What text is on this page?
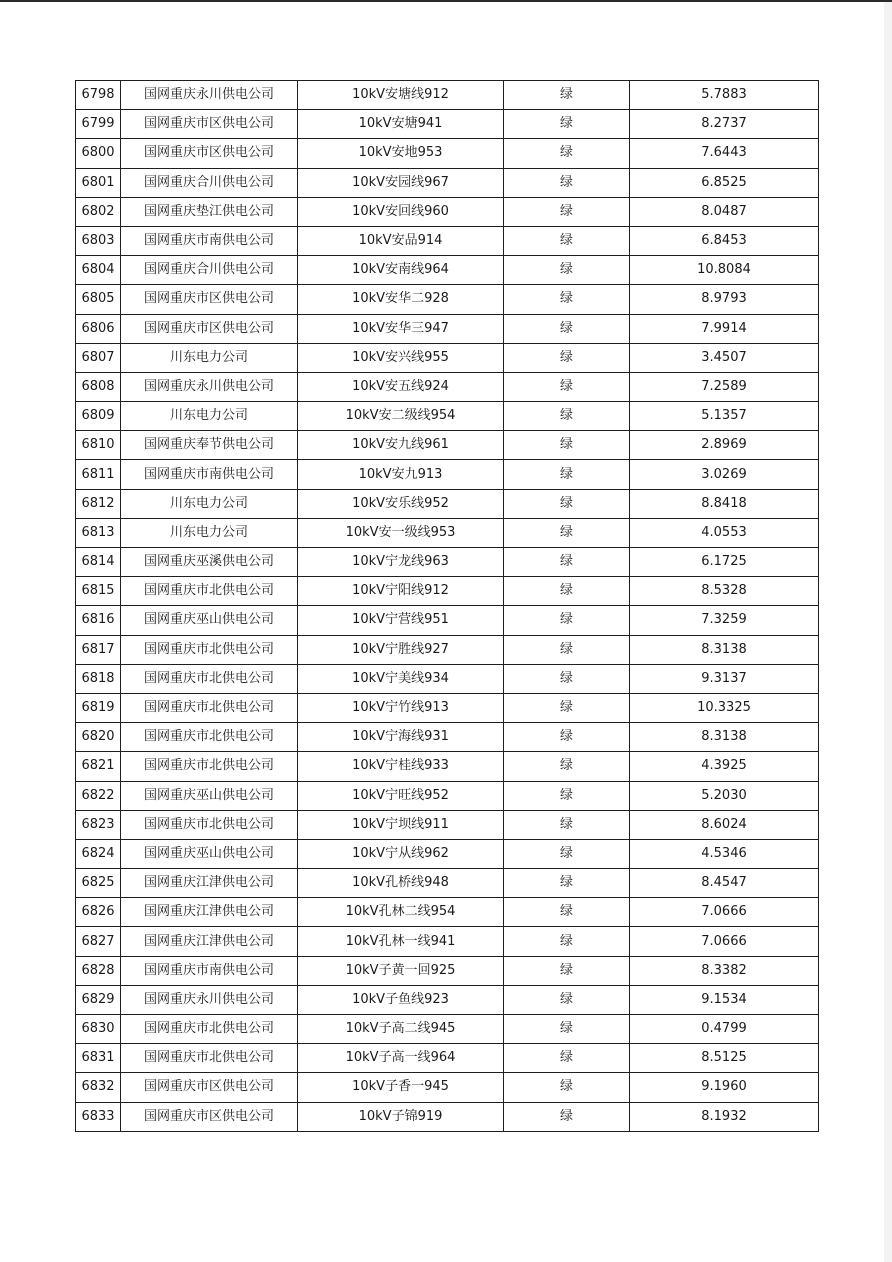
6798	国网重庆永川供电公司	10kV安塘线912	绿	5.7883
6799	国网重庆市区供电公司	10kV安塘941	绿	8.2737
6800	国网重庆市区供电公司	10kV安地953	绿	7.6443
6801	国网重庆合川供电公司	10kV安园线967	绿	6.8525
6802	国网重庆垫江供电公司	10kV安回线960	绿	8.0487
6803	国网重庆市南供电公司	10kV安品914	绿	6.8453
6804	国网重庆合川供电公司	10kV安南线964	绿	10.8084
6805	国网重庆市区供电公司	10kV安华二928	绿	8.9793
6806	国网重庆市区供电公司	10kV安华三947	绿	7.9914
6807	川东电力公司	10kV安兴线955	绿	3.4507
6808	国网重庆永川供电公司	10kV安五线924	绿	7.2589
6809	川东电力公司	10kV安二级线954	绿	5.1357
6810	国网重庆奉节供电公司	10kV安九线961	绿	2.8969
6811	国网重庆市南供电公司	10kV安九913	绿	3.0269
6812	川东电力公司	10kV安乐线952	绿	8.8418
6813	川东电力公司	10kV安一级线953	绿	4.0553
6814	国网重庆巫溪供电公司	10kV宁龙线963	绿	6.1725
6815	国网重庆市北供电公司	10kV宁阳线912	绿	8.5328
6816	国网重庆巫山供电公司	10kV宁营线951	绿	7.3259
6817	国网重庆市北供电公司	10kV宁胜线927	绿	8.3138
6818	国网重庆市北供电公司	10kV宁美线934	绿	9.3137
6819	国网重庆市北供电公司	10kV宁竹线913	绿	10.3325
6820	国网重庆市北供电公司	10kV宁海线931	绿	8.3138
6821	国网重庆市北供电公司	10kV宁桂线933	绿	4.3925
6822	国网重庆巫山供电公司	10kV宁旺线952	绿	5.2030
6823	国网重庆市北供电公司	10kV宁坝线911	绿	8.6024
6824	国网重庆巫山供电公司	10kV宁从线962	绿	4.5346
6825	国网重庆江津供电公司	10kV孔桥线948	绿	8.4547
6826	国网重庆江津供电公司	10kV孔林二线954	绿	7.0666
6827	国网重庆江津供电公司	10kV孔林一线941	绿	7.0666
6828	国网重庆市南供电公司	10kV子黄一回925	绿	8.3382
6829	国网重庆永川供电公司	10kV子鱼线923	绿	9.1534
6830	国网重庆市北供电公司	10kV子高二线945	绿	0.4799
6831	国网重庆市北供电公司	10kV子高一线964	绿	8.5125
6832	国网重庆市区供电公司	10kV子香一945	绿	9.1960
6833	国网重庆市区供电公司	10kV子锦919	绿	8.1932
